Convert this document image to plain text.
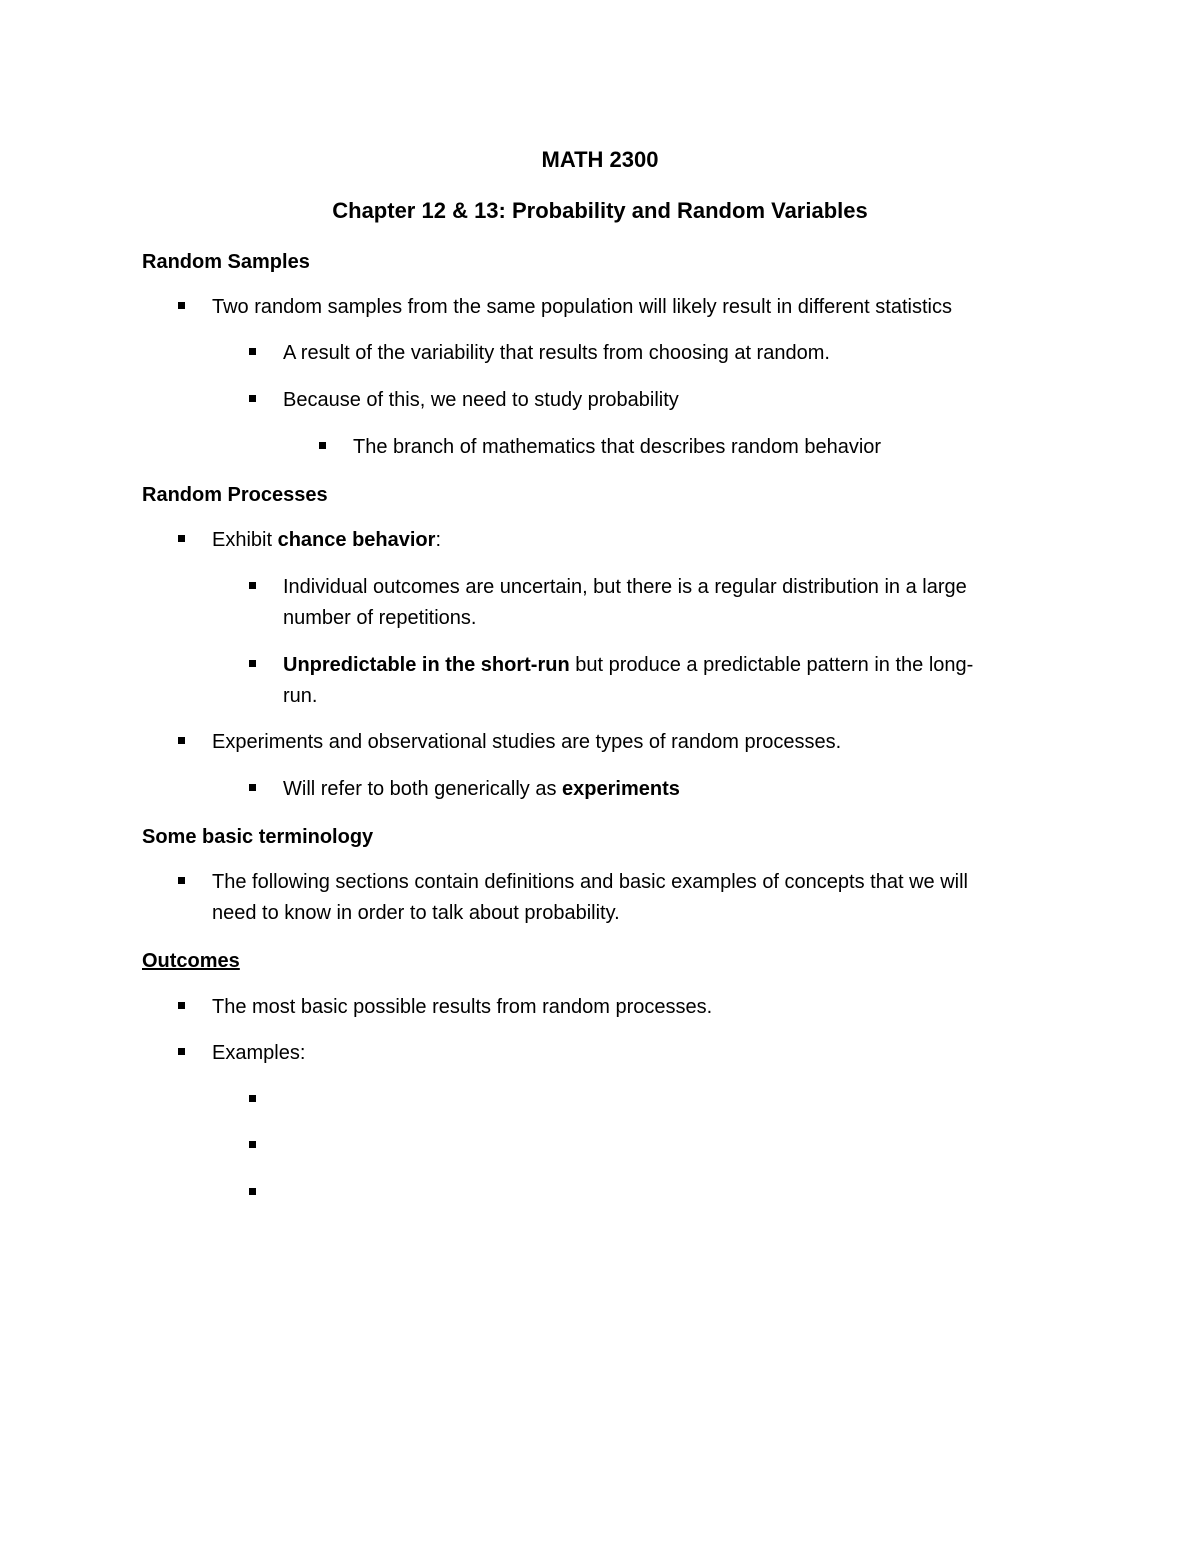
MATH 2300
Chapter 12 & 13: Probability and Random Variables
Random Samples
Two random samples from the same population will likely result in different statistics
A result of the variability that results from choosing at random.
Because of this, we need to study probability
The branch of mathematics that describes random behavior
Random Processes
Exhibit chance behavior:
Individual outcomes are uncertain, but there is a regular distribution in a large
number of repetitions.
Unpredictable in the short-run but produce a predictable pattern in the long-
run.
Experiments and observational studies are types of random processes.
Will refer to both generically as experiments
Some basic terminology
The following sections contain definitions and basic examples of concepts that we will
need to know in order to talk about probability.
Outcomes
The most basic possible results from random processes.
Examples:
